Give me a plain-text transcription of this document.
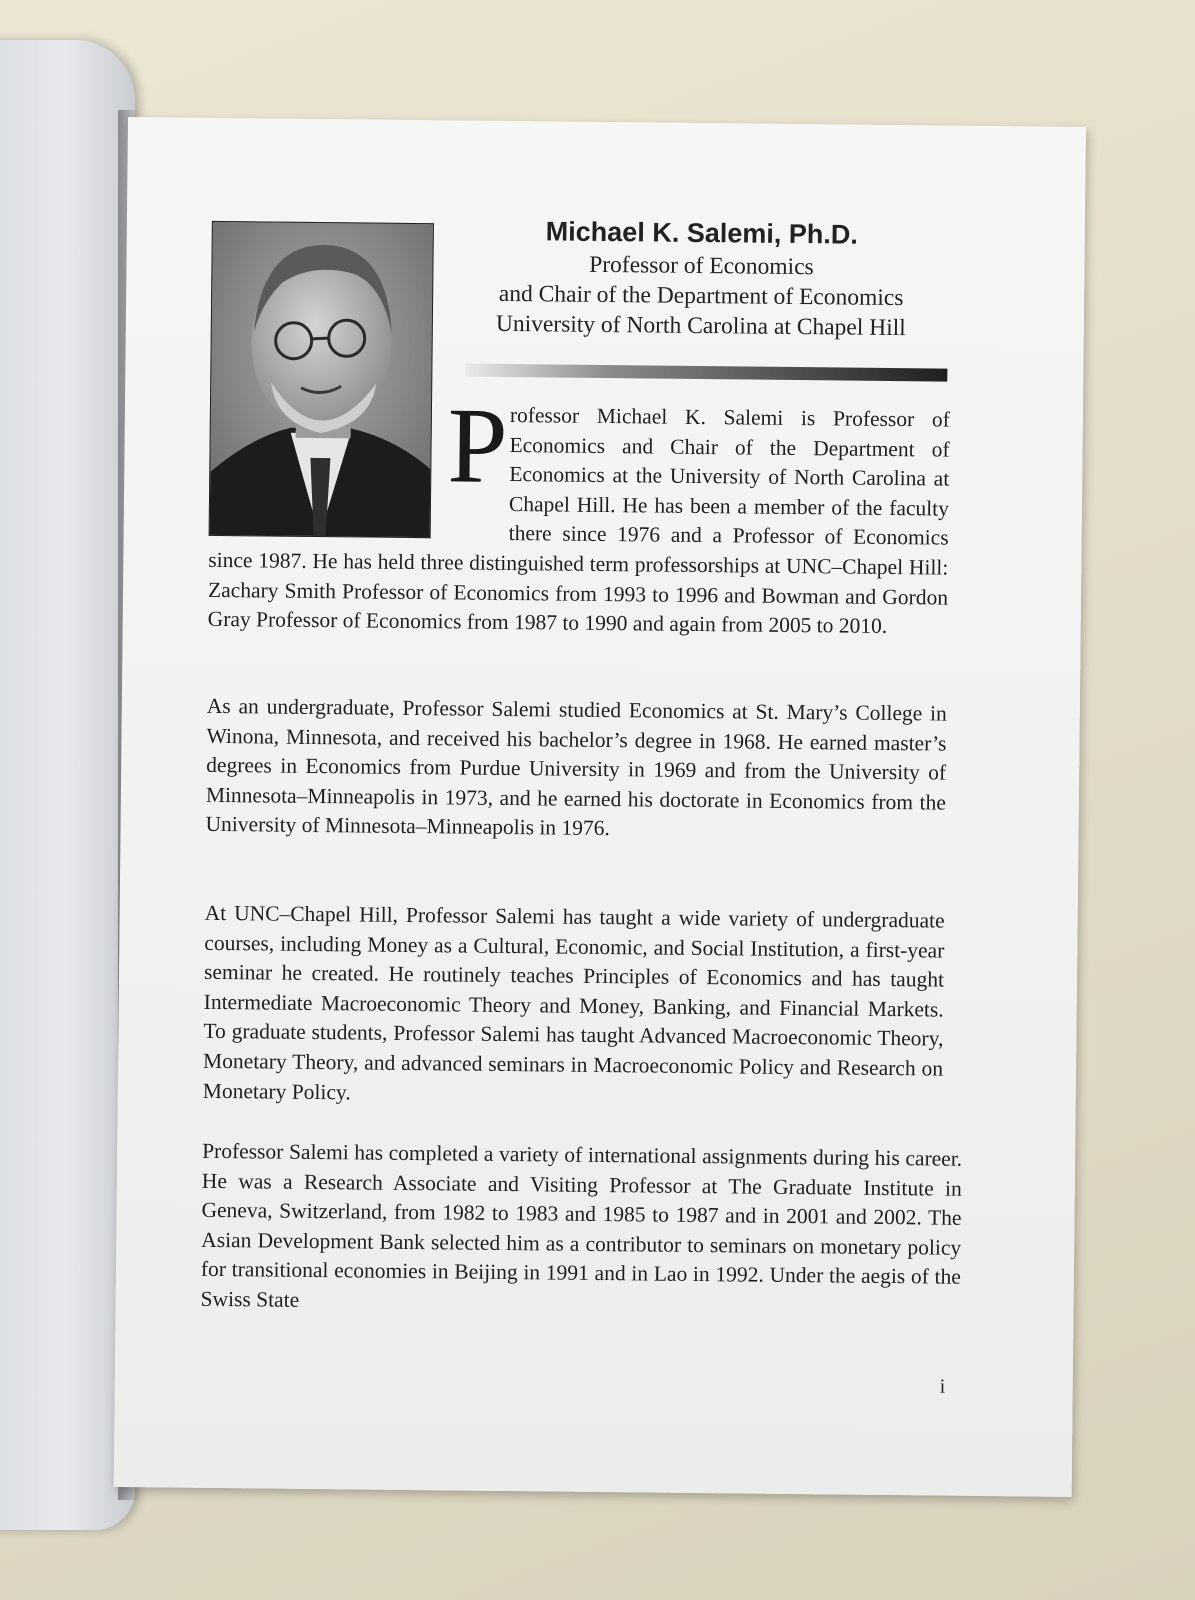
Michael K. Salemi, Ph.D.
Professor of Economics
and Chair of the Department of Economics
University of North Carolina at Chapel Hill
P rofessor Michael K. Salemi is Professor of Economics and Chair of the Department of Economics at the University of North Carolina at Chapel Hill. He has been a member of the faculty there since 1976 and a Professor of Economics since 1987. He has held three distinguished term professorships at UNC–Chapel Hill: Zachary Smith Professor of Economics from 1993 to 1996 and Bowman and Gordon Gray Professor of Economics from 1987 to 1990 and again from 2005 to 2010.
As an undergraduate, Professor Salemi studied Economics at St. Mary’s College in Winona, Minnesota, and received his bachelor’s degree in 1968. He earned master’s degrees in Economics from Purdue University in 1969 and from the University of Minnesota–Minneapolis in 1973, and he earned his doctorate in Economics from the University of Minnesota–Minneapolis in 1976.
At UNC–Chapel Hill, Professor Salemi has taught a wide variety of undergraduate courses, including Money as a Cultural, Economic, and Social Institution, a first-year seminar he created. He routinely teaches Principles of Economics and has taught Intermediate Macroeconomic Theory and Money, Banking, and Financial Markets. To graduate students, Professor Salemi has taught Advanced Macroeconomic Theory, Monetary Theory, and advanced seminars in Macroeconomic Policy and Research on Monetary Policy.
Professor Salemi has completed a variety of international assignments during his career. He was a Research Associate and Visiting Professor at The Graduate Institute in Geneva, Switzerland, from 1982 to 1983 and 1985 to 1987 and in 2001 and 2002. The Asian Development Bank selected him as a contributor to seminars on monetary policy for transitional economies in Beijing in 1991 and in Lao in 1992. Under the aegis of the Swiss State
i
